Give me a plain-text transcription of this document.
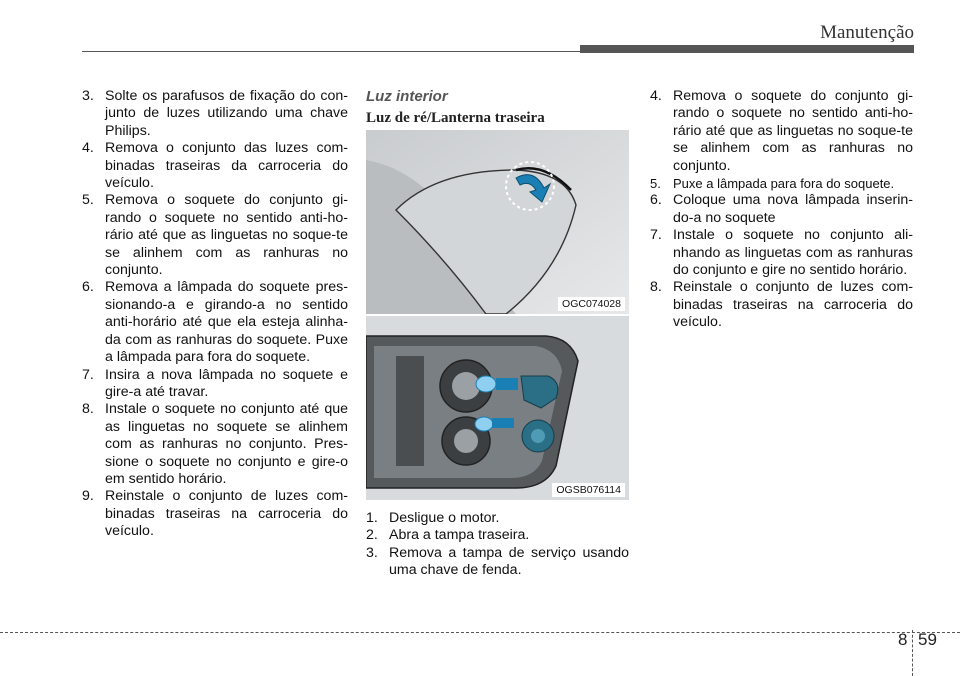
Manutenção
3. Solte os parafusos de fixação do con-junto de luzes utilizando uma chave Philips.
4. Remova o conjunto das luzes com-binadas traseiras da carroceria do veículo.
5. Remova o soquete do conjunto gi-rando o soquete no sentido anti-ho-rário até que as linguetas no soque-te se alinhem com as ranhuras no conjunto.
6. Remova a lâmpada do soquete pres-sionando-a e girando-a no sentido anti-horário até que ela esteja alinha-da com as ranhuras do soquete. Puxe a lâmpada para fora do soquete.
7. Insira a nova lâmpada no soquete e gire-a até travar.
8. Instale o soquete no conjunto até que as linguetas no soquete se alinhem com as ranhuras no conjunto. Pres-sione o soquete no conjunto e gire-o em sentido horário.
9. Reinstale o conjunto de luzes com-binadas traseiras na carroceria do veículo.
Luz interior
Luz de ré/Lanterna traseira
OGC074028
OGSB076114
1. Desligue o motor.
2. Abra a tampa traseira.
3. Remova a tampa de serviço usando uma chave de fenda.
4. Remova o soquete do conjunto gi-rando o soquete no sentido anti-ho-rário até que as linguetas no soque-te se alinhem com as ranhuras no conjunto.
5. Puxe a lâmpada para fora do soquete.
6. Coloque uma nova lâmpada inserin-do-a no soquete
7. Instale o soquete no conjunto ali-nhando as linguetas com as ranhuras do conjunto e gire no sentido horário.
8. Reinstale o conjunto de luzes com-binadas traseiras na carroceria do veículo.
8 59
